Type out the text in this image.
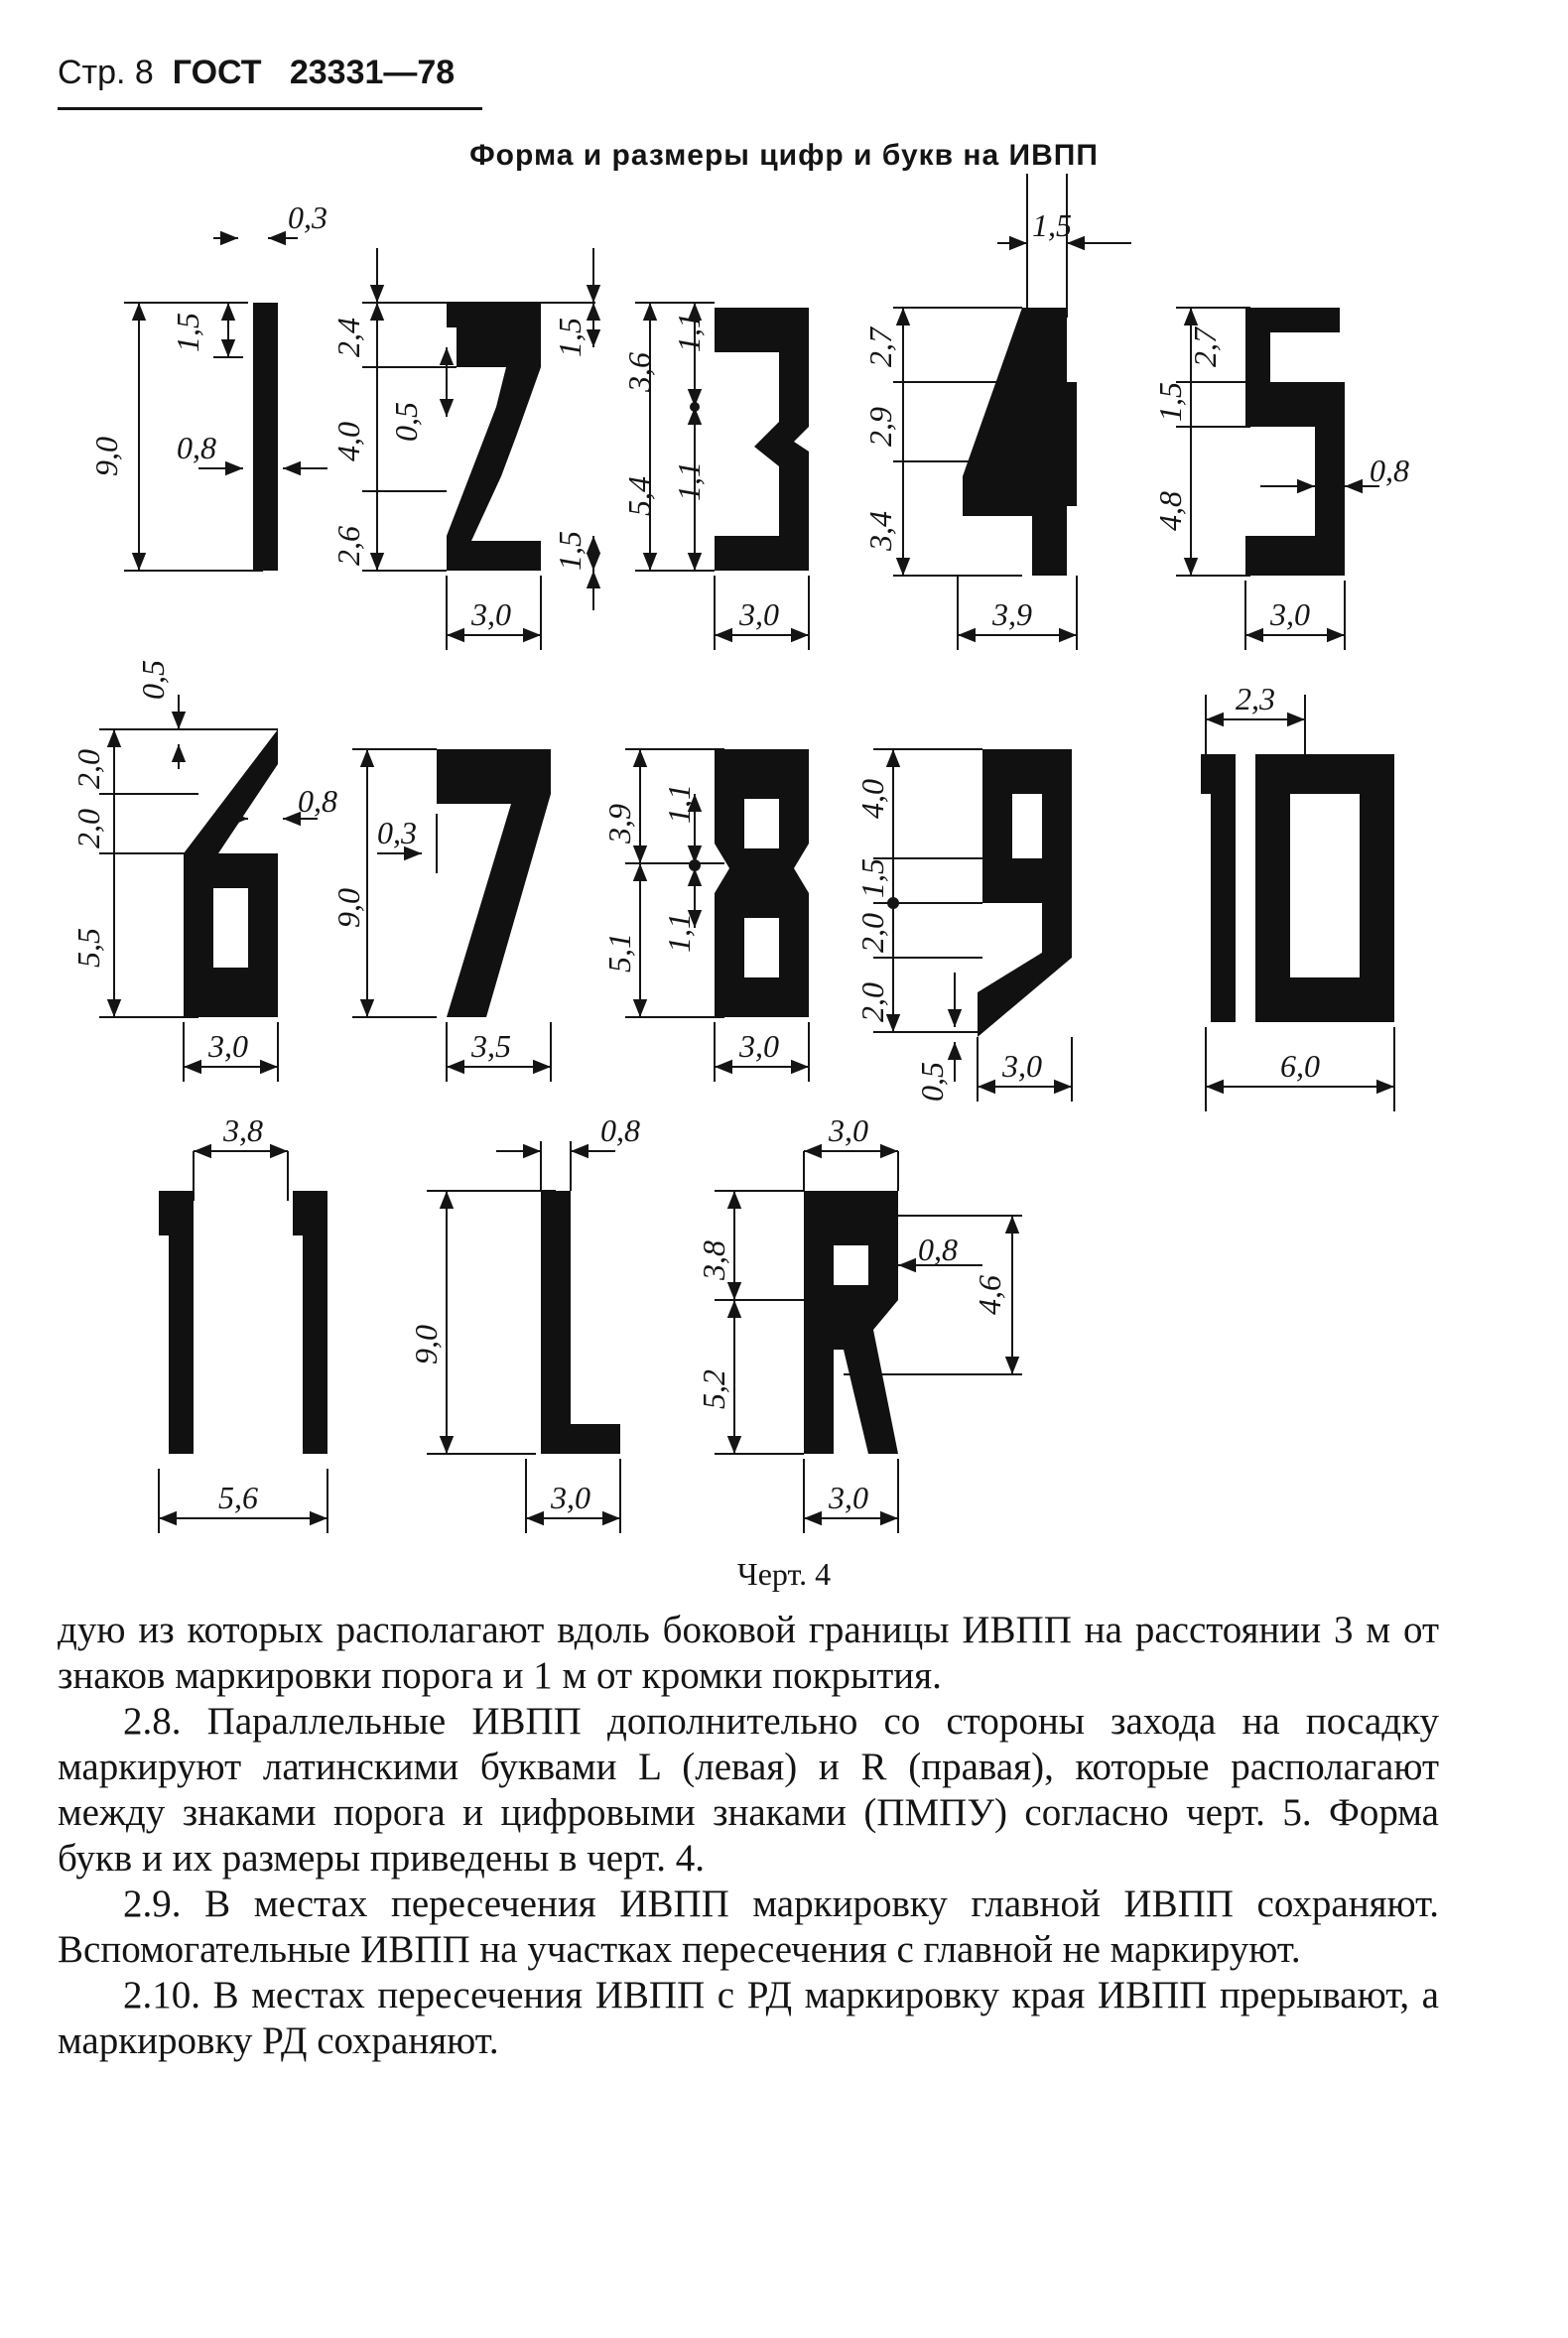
Стр. 8 ГОСТ 23331—78
Форма и размеры цифр и букв на ИВПП
0,3
1,5
0,8
9,0
2,4	1,5
0,5
4,0
2,6	1,5
3,0
3,6
1,1
5,4 1,1
3,0
1,5
2,7
2,9
3,4
3,9
2,7
1,5
4,8
0,8
3,0
0,5
2,0
2,0
5,5
0,8
3,0
0,3
9,0
3,5
3,9 1,1
5,1 1,1
3,0
4,0
1,5
2,0
2,0
0,5 3,0
2,3
6,0
3,8
5,6
0,8
9,0
3,0
3,0
3,8
5,2
0,8
4,6
3,0
Черт. 4

дую из которых располагают вдоль боковой границы ИВПП на расстоянии 3 м от знаков маркировки порога и 1 м от кромки покрытия.

2.8. Параллельные ИВПП дополнительно со стороны захода на посадку маркируют латинскими буквами L (левая) и R (правая), которые располагают между знаками порога и цифровыми знаками (ПМПУ) согласно черт. 5. Форма букв и их размеры приведены в черт. 4.

2.9. В местах пересечения ИВПП маркировку главной ИВПП сохраняют. Вспомогательные ИВПП на участках пересечения с главной не маркируют.

2.10. В местах пересечения ИВПП с РД маркировку края ИВПП прерывают, а маркировку РД сохраняют.
